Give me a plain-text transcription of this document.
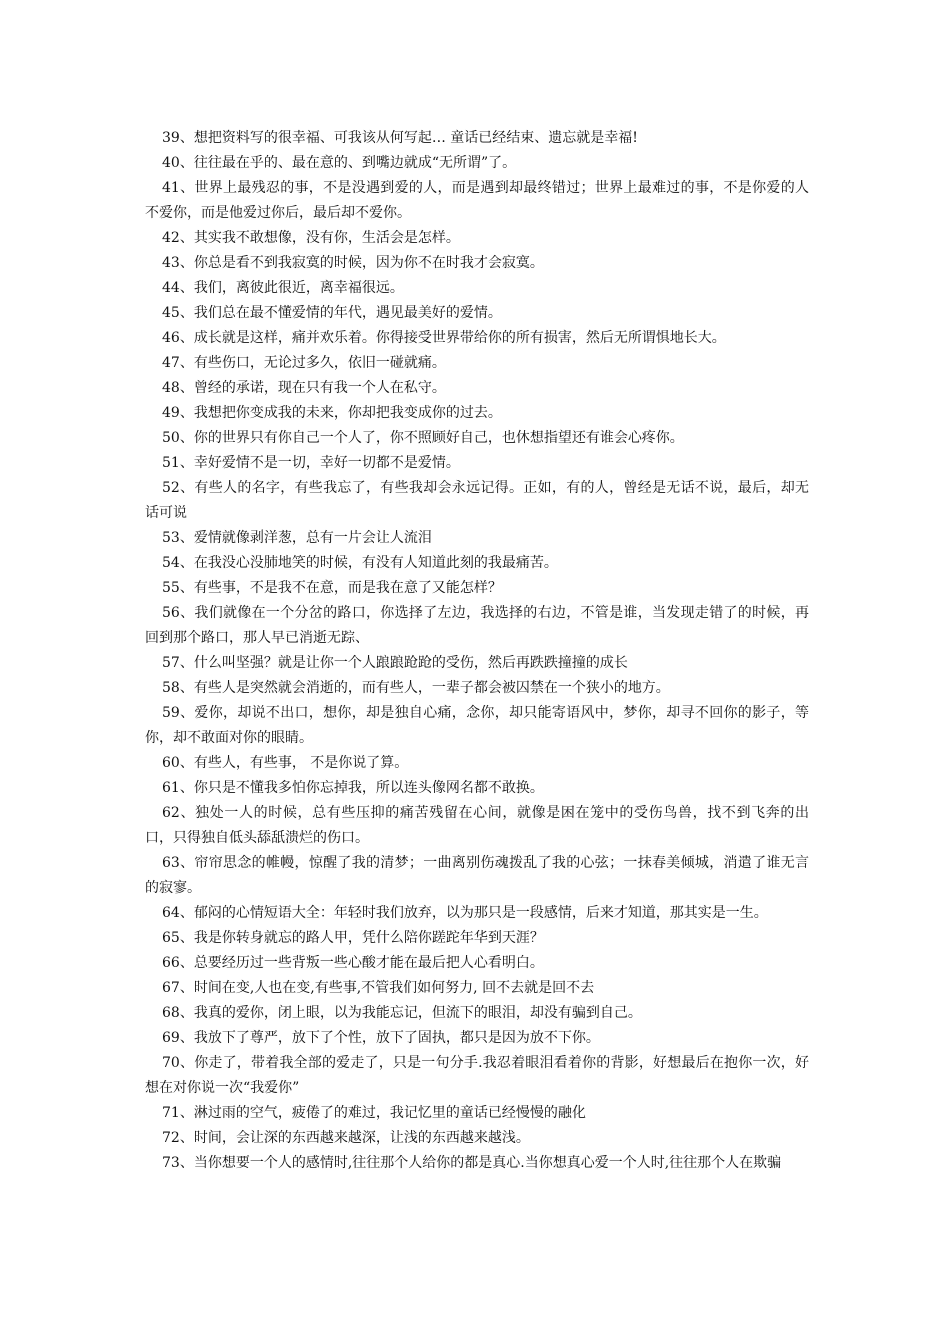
39、想把资料写的很幸福、可我该从何写起… 童话已经结束、遗忘就是幸福!

40、往往最在乎的、最在意的、到嘴边就成“无所谓”了。

41、世界上最残忍的事，不是没遇到爱的人，而是遇到却最终错过；世界上最难过的事，不是你爱的人不爱你，而是他爱过你后，最后却不爱你。

42、其实我不敢想像，没有你，生活会是怎样。

43、你总是看不到我寂寞的时候，因为你不在时我才会寂寞。

44、我们，离彼此很近，离幸福很远。

45、我们总在最不懂爱情的年代，遇见最美好的爱情。

46、成长就是这样，痛并欢乐着。你得接受世界带给你的所有损害，然后无所谓惧地长大。

47、有些伤口，无论过多久，依旧一碰就痛。

48、曾经的承诺，现在只有我一个人在私守。

49、我想把你变成我的未来，你却把我变成你的过去。

50、你的世界只有你自己一个人了，你不照顾好自己，也休想指望还有谁会心疼你。

51、幸好爱情不是一切，幸好一切都不是爱情。

52、有些人的名字，有些我忘了，有些我却会永远记得。正如，有的人，曾经是无话不说，最后，却无话可说

53、爱情就像剥洋葱，总有一片会让人流泪

54、在我没心没肺地笑的时候，有没有人知道此刻的我最痛苦。

55、有些事，不是我不在意，而是我在意了又能怎样？

56、我们就像在一个分岔的路口，你选择了左边，我选择的右边，不管是谁，当发现走错了的时候，再回到那个路口，那人早已消逝无踪、

57、什么叫坚强？就是让你一个人踉踉跄跄的受伤，然后再跌跌撞撞的成长

58、有些人是突然就会消逝的，而有些人，一辈子都会被囚禁在一个狭小的地方。

59、爱你，却说不出口，想你，却是独自心痛，念你，却只能寄语风中，梦你，却寻不回你的影子，等你，却不敢面对你的眼睛。

60、有些人，有些事， 不是你说了算。

61、你只是不懂我多怕你忘掉我，所以连头像网名都不敢换。

62、独处一人的时候，总有些压抑的痛苦残留在心间，就像是困在笼中的受伤鸟兽，找不到飞奔的出口，只得独自低头舔舐溃烂的伤口。

63、帘帘思念的帷幔，惊醒了我的清梦；一曲离别伤魂拨乱了我的心弦；一抹春美倾城，消遣了谁无言的寂寥。

64、郁闷的心情短语大全：年轻时我们放弃，以为那只是一段感情，后来才知道，那其实是一生。

65、我是你转身就忘的路人甲，凭什么陪你蹉跎年华到天涯？

66、总要经历过一些背叛一些心酸才能在最后把人心看明白。

67、时间在变,人也在变,有些事,不管我们如何努力, 回不去就是回不去

68、我真的爱你，闭上眼，以为我能忘记，但流下的眼泪，却没有骗到自己。

69、我放下了尊严，放下了个性，放下了固执，都只是因为放不下你。

70、你走了，带着我全部的爱走了，只是一句分手.我忍着眼泪看着你的背影，好想最后在抱你一次，好想在对你说一次“我爱你”

71、淋过雨的空气，疲倦了的难过，我记忆里的童话已经慢慢的融化

72、时间，会让深的东西越来越深，让浅的东西越来越浅。

73、当你想要一个人的感情时,往往那个人给你的都是真心.当你想真心爱一个人时,往往那个人在欺骗
